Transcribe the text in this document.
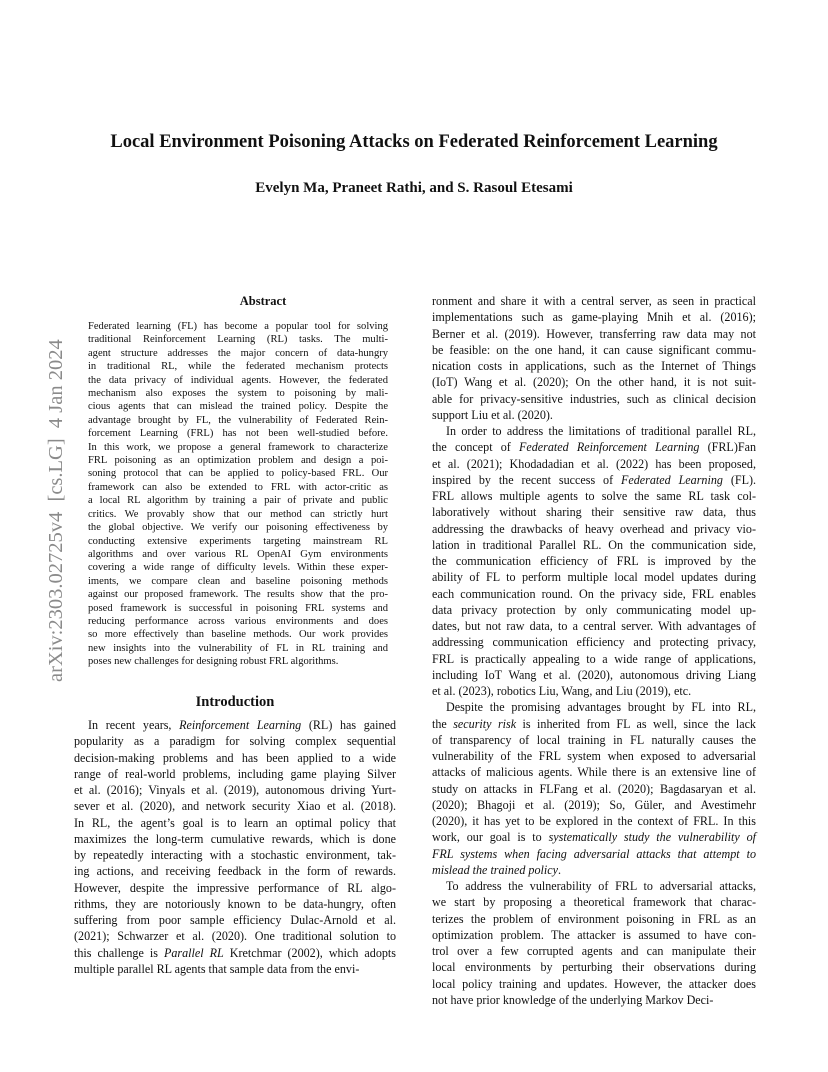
Local Environment Poisoning Attacks on Federated Reinforcement Learning
Evelyn Ma, Praneet Rathi, and S. Rasoul Etesami
arXiv:2303.02725v4  [cs.LG]  4 Jan 2024
Abstract
Federated learning (FL) has become a popular tool for solving
traditional Reinforcement Learning (RL) tasks. The multi-
agent structure addresses the major concern of data-hungry
in traditional RL, while the federated mechanism protects
the data privacy of individual agents. However, the federated
mechanism also exposes the system to poisoning by mali-
cious agents that can mislead the trained policy. Despite the
advantage brought by FL, the vulnerability of Federated Rein-
forcement Learning (FRL) has not been well-studied before.
In this work, we propose a general framework to characterize
FRL poisoning as an optimization problem and design a poi-
soning protocol that can be applied to policy-based FRL. Our
framework can also be extended to FRL with actor-critic as
a local RL algorithm by training a pair of private and public
critics. We provably show that our method can strictly hurt
the global objective. We verify our poisoning effectiveness by
conducting extensive experiments targeting mainstream RL
algorithms and over various RL OpenAI Gym environments
covering a wide range of difficulty levels. Within these exper-
iments, we compare clean and baseline poisoning methods
against our proposed framework. The results show that the pro-
posed framework is successful in poisoning FRL systems and
reducing performance across various environments and does
so more effectively than baseline methods. Our work provides
new insights into the vulnerability of FL in RL training and
poses new challenges for designing robust FRL algorithms.
Introduction
In recent years, Reinforcement Learning (RL) has gained
popularity as a paradigm for solving complex sequential
decision-making problems and has been applied to a wide
range of real-world problems, including game playing Silver
et al. (2016); Vinyals et al. (2019), autonomous driving Yurt-
sever et al. (2020), and network security Xiao et al. (2018).
In RL, the agent’s goal is to learn an optimal policy that
maximizes the long-term cumulative rewards, which is done
by repeatedly interacting with a stochastic environment, tak-
ing actions, and receiving feedback in the form of rewards.
However, despite the impressive performance of RL algo-
rithms, they are notoriously known to be data-hungry, often
suffering from poor sample efficiency Dulac-Arnold et al.
(2021); Schwarzer et al. (2020). One traditional solution to
this challenge is Parallel RL Kretchmar (2002), which adopts
multiple parallel RL agents that sample data from the envi-
ronment and share it with a central server, as seen in practical
implementations such as game-playing Mnih et al. (2016);
Berner et al. (2019). However, transferring raw data may not
be feasible: on the one hand, it can cause significant commu-
nication costs in applications, such as the Internet of Things
(IoT) Wang et al. (2020); On the other hand, it is not suit-
able for privacy-sensitive industries, such as clinical decision
support Liu et al. (2020).
In order to address the limitations of traditional parallel RL,
the concept of Federated Reinforcement Learning (FRL)Fan
et al. (2021); Khodadadian et al. (2022) has been proposed,
inspired by the recent success of Federated Learning (FL).
FRL allows multiple agents to solve the same RL task col-
laboratively without sharing their sensitive raw data, thus
addressing the drawbacks of heavy overhead and privacy vio-
lation in traditional Parallel RL. On the communication side,
the communication efficiency of FRL is improved by the
ability of FL to perform multiple local model updates during
each communication round. On the privacy side, FRL enables
data privacy protection by only communicating model up-
dates, but not raw data, to a central server. With advantages of
addressing communication efficiency and protecting privacy,
FRL is practically appealing to a wide range of applications,
including IoT Wang et al. (2020), autonomous driving Liang
et al. (2023), robotics Liu, Wang, and Liu (2019), etc.
Despite the promising advantages brought by FL into RL,
the security risk is inherited from FL as well, since the lack
of transparency of local training in FL naturally causes the
vulnerability of the FRL system when exposed to adversarial
attacks of malicious agents. While there is an extensive line of
study on attacks in FLFang et al. (2020); Bagdasaryan et al.
(2020); Bhagoji et al. (2019); So, Güler, and Avestimehr
(2020), it has yet to be explored in the context of FRL. In this
work, our goal is to systematically study the vulnerability of
FRL systems when facing adversarial attacks that attempt to
mislead the trained policy.
To address the vulnerability of FRL to adversarial attacks,
we start by proposing a theoretical framework that charac-
terizes the problem of environment poisoning in FRL as an
optimization problem. The attacker is assumed to have con-
trol over a few corrupted agents and can manipulate their
local environments by perturbing their observations during
local policy training and updates. However, the attacker does
not have prior knowledge of the underlying Markov Deci-
